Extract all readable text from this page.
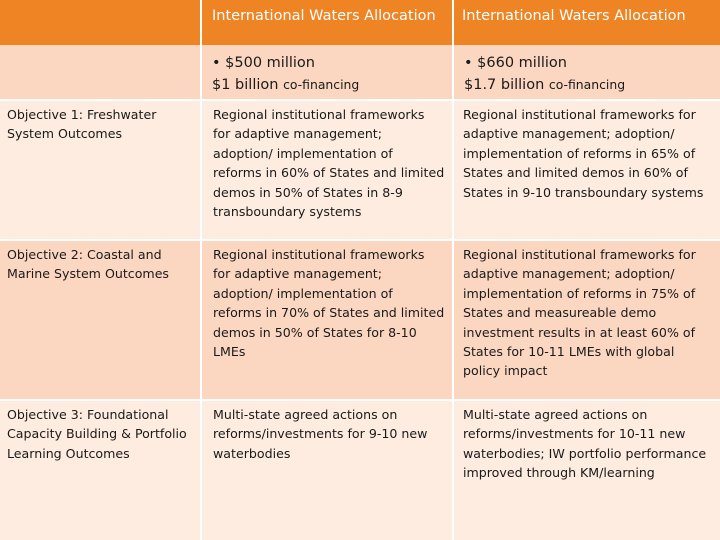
International Waters Allocation	International Waters Allocation
• $500 million
$1 billion co-financing
• $660 million
$1.7 billion co-financing
Objective 1: Freshwater System Outcomes
Regional institutional frameworks for adaptive management; adoption/ implementation of reforms in 60% of States and limited demos in 50% of States in 8-9 transboundary systems
Regional institutional frameworks for adaptive management; adoption/ implementation of reforms in 65% of States and limited demos in 60% of States in 9-10 transboundary systems
Objective 2: Coastal and Marine System Outcomes
Regional institutional frameworks for adaptive management; adoption/ implementation of reforms in 70% of States and limited demos in 50% of States for 8-10 LMEs
Regional institutional frameworks for adaptive management; adoption/ implementation of reforms in 75% of States and measureable demo investment results in at least 60% of States for 10-11 LMEs with global policy impact
Objective 3: Foundational Capacity Building & Portfolio Learning Outcomes
Multi-state agreed actions on reforms/investments for 9-10 new waterbodies
Multi-state agreed actions on reforms/investments for 10-11 new waterbodies; IW portfolio performance improved through KM/learning
